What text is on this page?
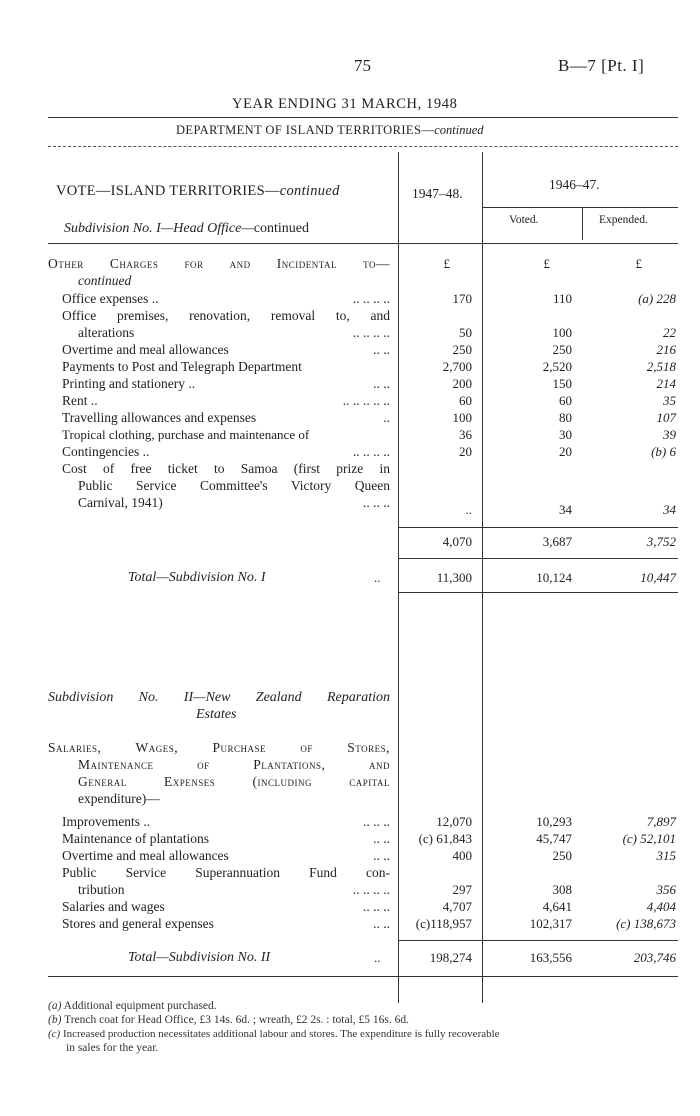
75	B—7 [Pt. I]
YEAR ENDING 31 MARCH, 1948
DEPARTMENT OF ISLAND TERRITORIES—continued
VOTE—ISLAND TERRITORIES—continued	1947–48.
1946–47.
Voted.	Expended.
Subdivision No. I—Head Office—continued
Other Charges for and Incidental to—
continued
£	£	£
Office expenses ..	.. .. .. ..	170	110	(a) 228
Office premises, renovation, removal to, and
alterations	.. .. .. ..	50	100	22
Overtime and meal allowances	.. ..	250	250	216
Payments to Post and Telegraph Department	2,700	2,520	2,518
Printing and stationery ..	.. ..	200	150	214
Rent ..	.. .. .. .. ..	60	60	35
Travelling allowances and expenses	..	100	80	107
Tropical clothing, purchase and maintenance of	36	30	39
Contingencies ..	.. .. .. ..	20	20	(b) 6
Cost of free ticket to Samoa (first prize in
Public Service Committee's Victory Queen
Carnival, 1941)	.. .. ..	..	34	34
4,070	3,687	3,752
Total—Subdivision No. I	..	11,300	10,124	10,447
Subdivision No. II—New Zealand Reparation
Estates
Salaries, Wages, Purchase of Stores,
Maintenance of Plantations, and
General Expenses (including capital
expenditure)—
Improvements ..	.. .. ..	12,070	10,293	7,897
Maintenance of plantations	.. ..	(c) 61,843	45,747	(c) 52,101
Overtime and meal allowances	.. ..	400	250	315
Public Service Superannuation Fund con-
tribution	.. .. .. ..	297	308	356
Salaries and wages	.. .. ..	4,707	4,641	4,404
Stores and general expenses	.. ..	(c)118,957	102,317	(c) 138,673
Total—Subdivision No. II	..	198,274	163,556	203,746
(a) Additional equipment purchased.
(b) Trench coat for Head Office, £3 14s. 6d. ; wreath, £2 2s. : total, £5 16s. 6d.
(c) Increased production necessitates additional labour and stores. The expenditure is fully recoverable
in sales for the year.
